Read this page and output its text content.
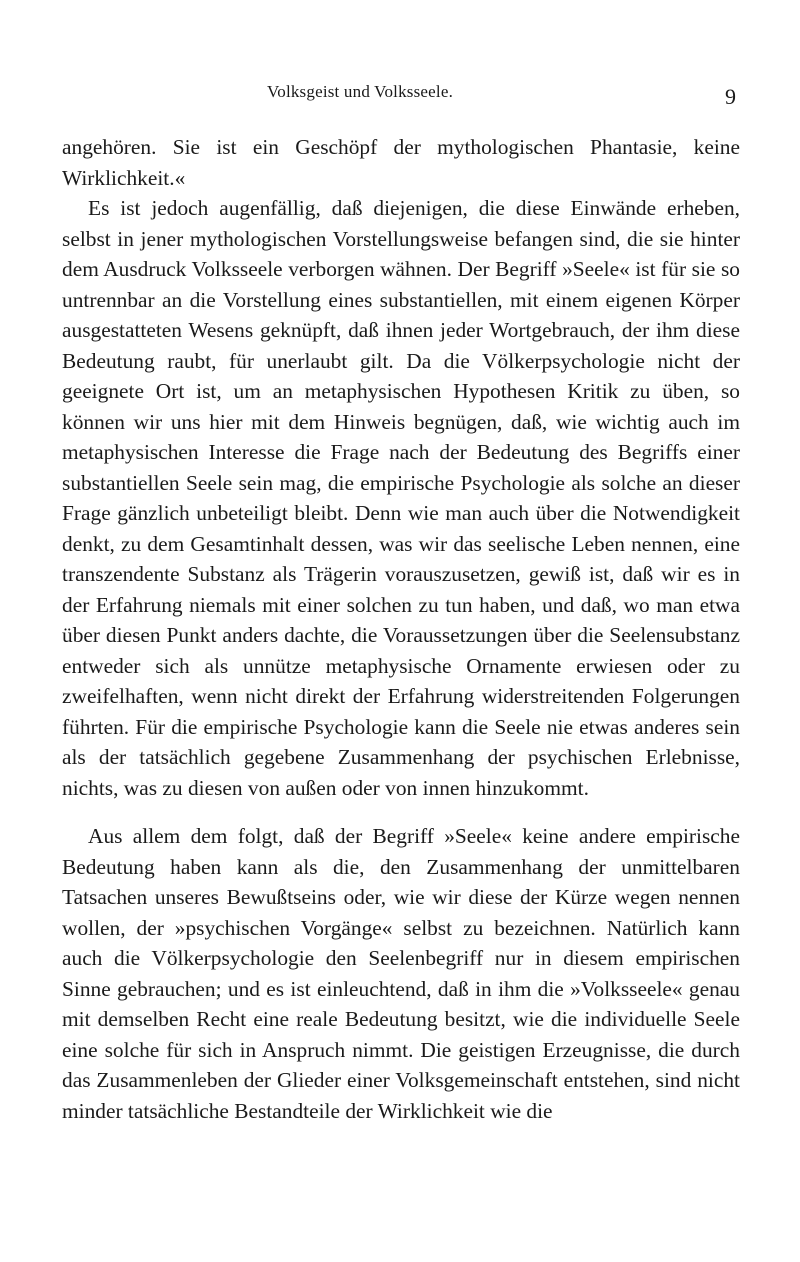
Volksgeist und Volksseele.	9

angehören. Sie ist ein Geschöpf der mythologischen Phantasie, keine Wirklichkeit.«

Es ist jedoch augenfällig, daß diejenigen, die diese Einwände erheben, selbst in jener mythologischen Vorstellungsweise befangen sind, die sie hinter dem Ausdruck Volksseele verborgen wähnen. Der Begriff »Seele« ist für sie so untrennbar an die Vorstellung eines substantiellen, mit einem eigenen Körper ausgestatteten Wesens geknüpft, daß ihnen jeder Wortgebrauch, der ihm diese Bedeutung raubt, für unerlaubt gilt. Da die Völkerpsychologie nicht der geeignete Ort ist, um an metaphysischen Hypothesen Kritik zu üben, so können wir uns hier mit dem Hinweis begnügen, daß, wie wichtig auch im metaphysischen Interesse die Frage nach der Bedeutung des Begriffs einer substantiellen Seele sein mag, die empirische Psychologie als solche an dieser Frage gänzlich unbeteiligt bleibt. Denn wie man auch über die Notwendigkeit denkt, zu dem Gesamtinhalt dessen, was wir das seelische Leben nennen, eine transzendente Substanz als Trägerin vorauszusetzen, gewiß ist, daß wir es in der Erfahrung niemals mit einer solchen zu tun haben, und daß, wo man etwa über diesen Punkt anders dachte, die Voraussetzungen über die Seelensubstanz entweder sich als unnütze metaphysische Ornamente erwiesen oder zu zweifelhaften, wenn nicht direkt der Erfahrung widerstreitenden Folgerungen führten. Für die empirische Psychologie kann die Seele nie etwas anderes sein als der tatsächlich gegebene Zusammenhang der psychischen Erlebnisse, nichts, was zu diesen von außen oder von innen hinzukommt.

Aus allem dem folgt, daß der Begriff »Seele« keine andere empirische Bedeutung haben kann als die, den Zusammenhang der unmittelbaren Tatsachen unseres Bewußtseins oder, wie wir diese der Kürze wegen nennen wollen, der »psychischen Vorgänge« selbst zu bezeichnen. Natürlich kann auch die Völkerpsychologie den Seelenbegriff nur in diesem empirischen Sinne gebrauchen; und es ist einleuchtend, daß in ihm die »Volksseele« genau mit demselben Recht eine reale Bedeutung besitzt, wie die individuelle Seele eine solche für sich in Anspruch nimmt. Die geistigen Erzeugnisse, die durch das Zusammenleben der Glieder einer Volksgemeinschaft entstehen, sind nicht minder tatsächliche Bestandteile der Wirklichkeit wie die
